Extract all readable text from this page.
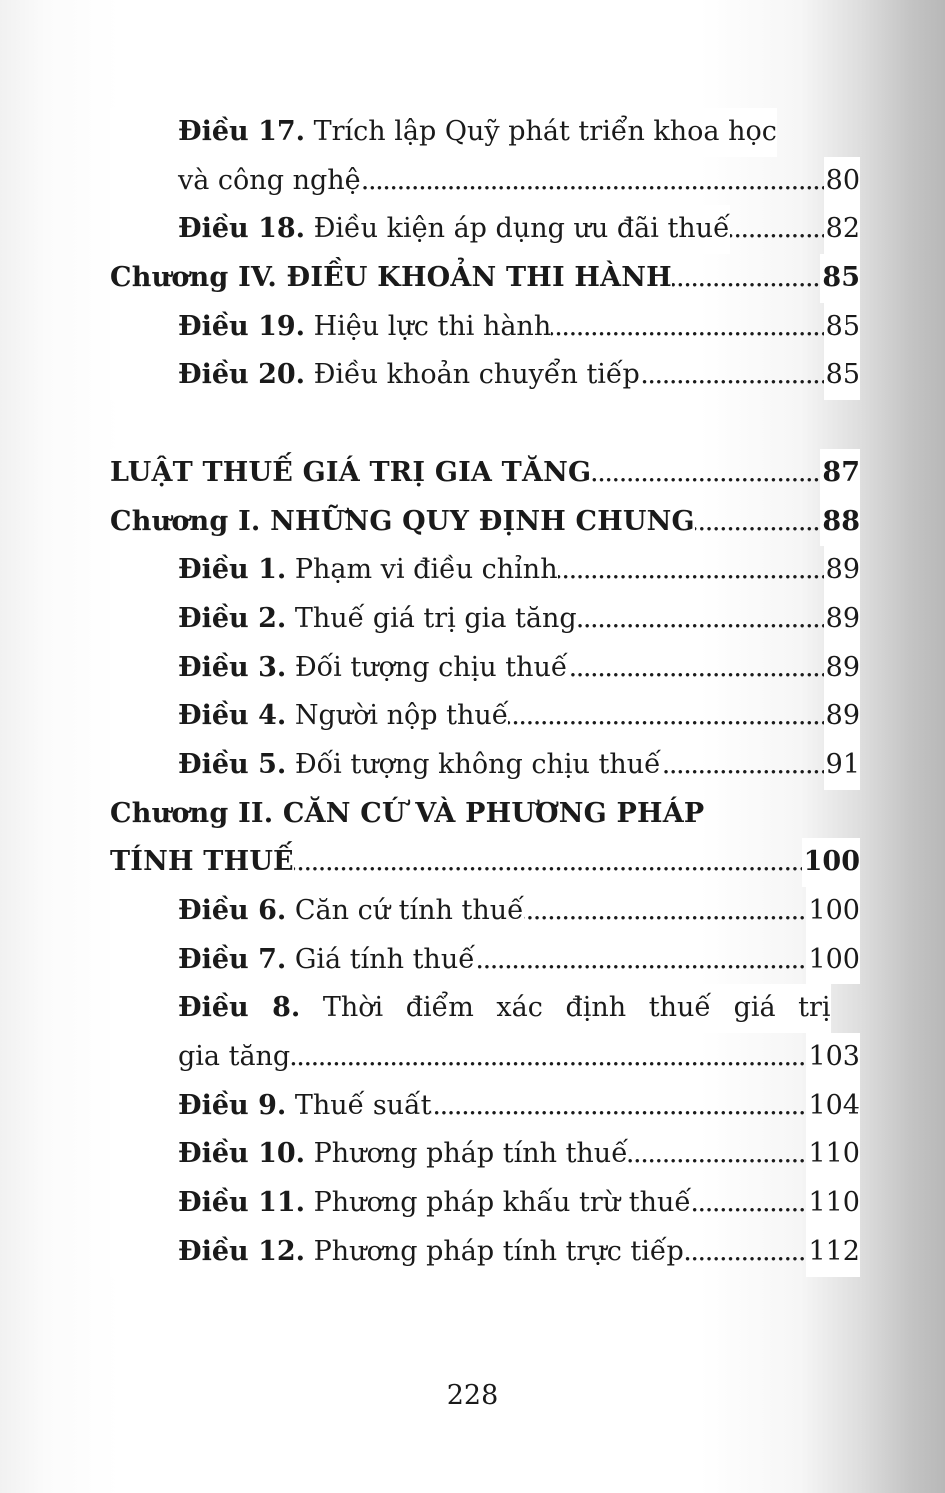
Điều 17. Trích lập Quỹ phát triển khoa học
. . .
và công nghệ	80
. . .
Điều 18. Điều kiện áp dụng ưu đãi thuế	82
. . .
Chương IV. ĐIỀU KHOẢN THI HÀNH	85
. . .
Điều 19. Hiệu lực thi hành	85
. . .
Điều 20. Điều khoản chuyển tiếp	85
. . .
LUẬT THUẾ GIÁ TRỊ GIA TĂNG	87
. . .
Chương I. NHỮNG QUY ĐỊNH CHUNG	88
. . .
Điều 1. Phạm vi điều chỉnh	89
. . .
Điều 2. Thuế giá trị gia tăng	89
. . .
Điều 3. Đối tượng chịu thuế	89
. . .
Điều 4. Người nộp thuế	89
. . .
Điều 5. Đối tượng không chịu thuế	91
Chương II. CĂN CỨ VÀ PHƯƠNG PHÁP
. . .
TÍNH THUẾ	100
. . .
Điều 6. Căn cứ tính thuế	100
. . .
Điều 7. Giá tính thuế	100
Điều 8. Thời điểm xác định thuế giá trị
. . .
gia tăng	103
. . .
Điều 9. Thuế suất	104
. . .
Điều 10. Phương pháp tính thuế	110
. . .
Điều 11. Phương pháp khấu trừ thuế	110
. . .
Điều 12. Phương pháp tính trực tiếp	112
228
